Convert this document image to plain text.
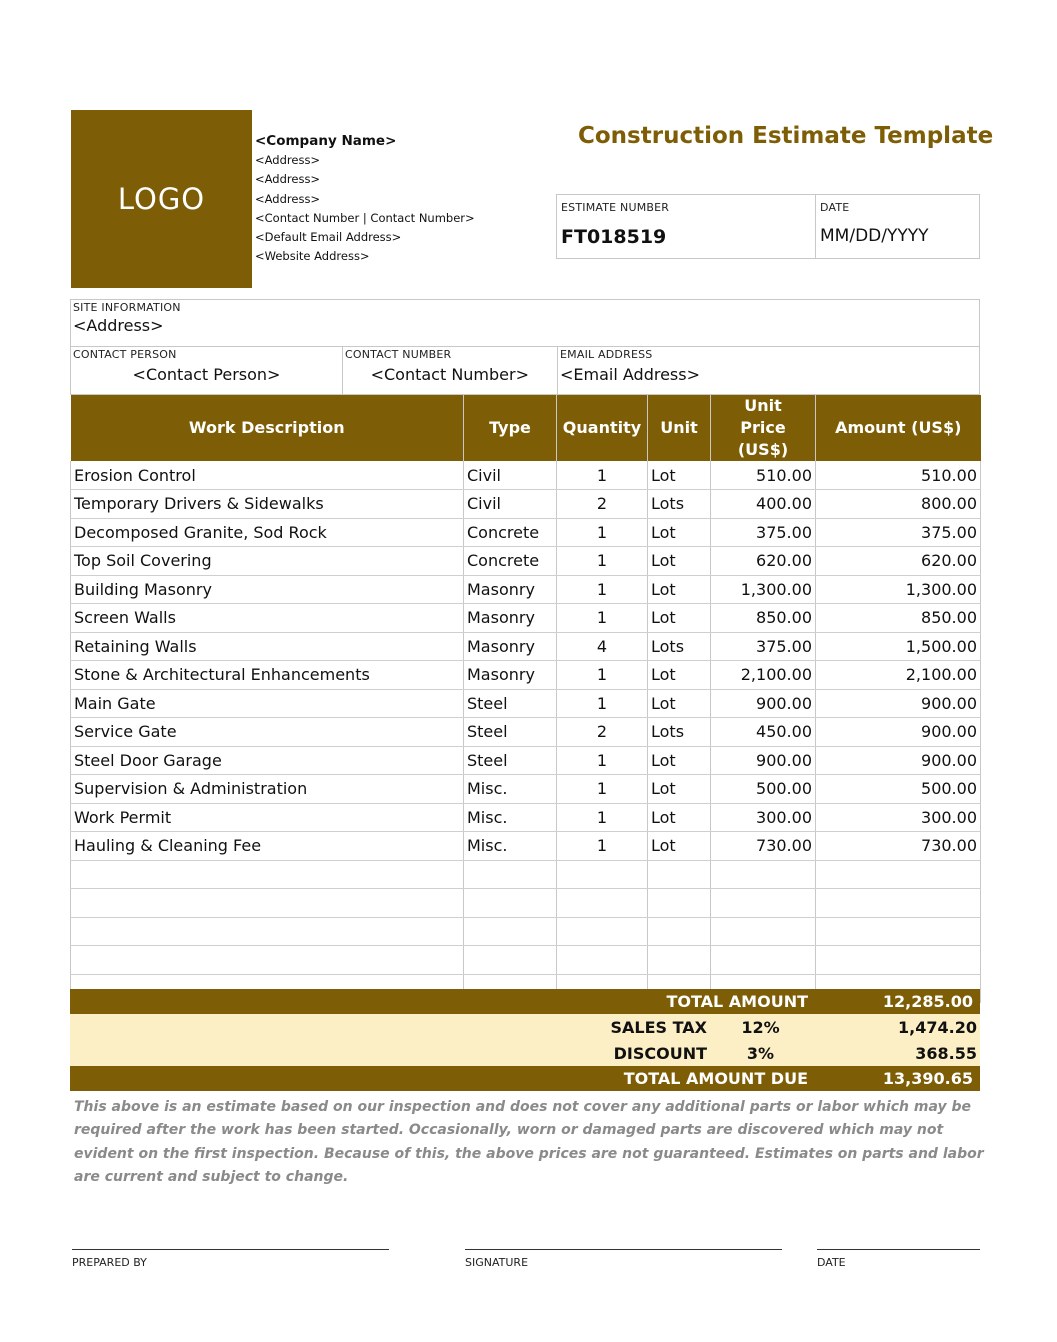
LOGO
<Company Name>
<Address>
<Address>
<Address>
<Contact Number | Contact Number>
<Default Email Address>
<Website Address>
Construction Estimate Template
ESTIMATE NUMBER
FT018519
DATE
MM/DD/YYYY
SITE INFORMATION
<Address>
CONTACT PERSON
<Contact Person>
CONTACT NUMBER
<Contact Number>
EMAIL ADDRESS
<Email Address>
Work Description	Type	Quantity	Unit	Unit Price (US$)	Amount (US$)
Erosion Control	Civil	1	Lot	510.00	510.00
Temporary Drivers & Sidewalks	Civil	2	Lots	400.00	800.00
Decomposed Granite, Sod Rock	Concrete	1	Lot	375.00	375.00
Top Soil Covering	Concrete	1	Lot	620.00	620.00
Building Masonry	Masonry	1	Lot	1,300.00	1,300.00
Screen Walls	Masonry	1	Lot	850.00	850.00
Retaining Walls	Masonry	4	Lots	375.00	1,500.00
Stone & Architectural Enhancements	Masonry	1	Lot	2,100.00	2,100.00
Main Gate	Steel	1	Lot	900.00	900.00
Service Gate	Steel	2	Lots	450.00	900.00
Steel Door Garage	Steel	1	Lot	900.00	900.00
Supervision & Administration	Misc.	1	Lot	500.00	500.00
Work Permit	Misc.	1	Lot	300.00	300.00
Hauling & Cleaning Fee	Misc.	1	Lot	730.00	730.00

TOTAL AMOUNT	12,285.00
SALES TAX	12%	1,474.20
DISCOUNT	3%	368.55
TOTAL AMOUNT DUE	13,390.65
This above is an estimate based on our inspection and does not cover any additional parts or labor which may be required after the work has been started. Occasionally, worn or damaged parts are discovered which may not evident on the first inspection. Because of this, the above prices are not guaranteed. Estimates on parts and labor are current and subject to change.
PREPARED BY	SIGNATURE	DATE
